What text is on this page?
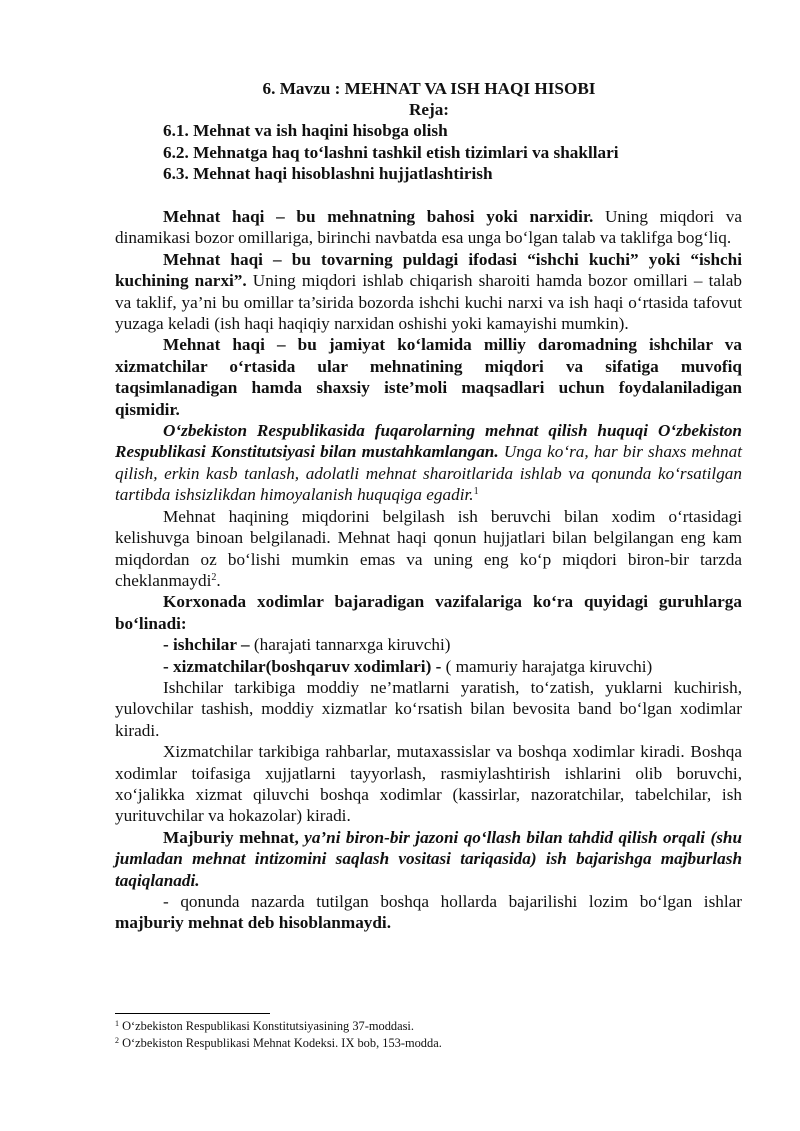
6. Mavzu : MEHNAT VA ISH HAQI HISOBI
Reja:
6.1. Mehnat va ish haqini hisobga olish
6.2. Mehnatga haq to‘lashni tashkil etish tizimlari va shakllari
6.3. Mehnat haqi hisoblashni hujjatlashtirish

Mehnat haqi – bu mehnatning bahosi yoki narxidir. Uning miqdori va dinamikasi bozor omillariga, birinchi navbatda esa unga bo‘lgan talab va taklifga bog‘liq.

Mehnat haqi – bu tovarning puldagi ifodasi “ishchi kuchi” yoki “ishchi kuchining narxi”. Uning miqdori ishlab chiqarish sharoiti hamda bozor omillari – talab va taklif, ya’ni bu omillar ta’sirida bozorda ishchi kuchi narxi va ish haqi o‘rtasida tafovut yuzaga keladi (ish haqi haqiqiy narxidan oshishi yoki kamayishi mumkin).

Mehnat haqi – bu jamiyat ko‘lamida milliy daromadning ishchilar va xizmatchilar o‘rtasida ular mehnatining miqdori va sifatiga muvofiq taqsimlanadigan hamda shaxsiy iste’moli maqsadlari uchun foydalaniladigan qismidir.

O‘zbekiston Respublikasida fuqarolarning mehnat qilish huquqi O‘zbekiston Respublikasi Konstitutsiyasi bilan mustahkamlangan. Unga ko‘ra, har bir shaxs mehnat qilish, erkin kasb tanlash, adolatli mehnat sharoitlarida ishlab va qonunda ko‘rsatilgan tartibda ishsizlikdan himoyalanish huquqiga egadir.$^1$

Mehnat haqining miqdorini belgilash ish beruvchi bilan xodim o‘rtasidagi kelishuvga binoan belgilanadi. Mehnat haqi qonun hujjatlari bilan belgilangan eng kam miqdordan oz bo‘lishi mumkin emas va uning eng ko‘p miqdori biron-bir tarzda cheklanmaydi$^2$.

Korxonada xodimlar bajaradigan vazifalariga ko‘ra quyidagi guruhlarga bo‘linadi:

- ishchilar – (harajati tannarxga kiruvchi)

- xizmatchilar(boshqaruv xodimlari) - ( mamuriy harajatga kiruvchi)

Ishchilar tarkibiga moddiy ne’matlarni yaratish, to‘zatish, yuklarni kuchirish, yulovchilar tashish, moddiy xizmatlar ko‘rsatish bilan bevosita band bo‘lgan xodimlar kiradi.

Xizmatchilar tarkibiga rahbarlar, mutaxassislar va boshqa xodimlar kiradi. Boshqa xodimlar toifasiga xujjatlarni tayyorlash, rasmiylashtirish ishlarini olib boruvchi, xo‘jalikka xizmat qiluvchi boshqa xodimlar (kassirlar, nazoratchilar, tabelchilar, ish yurituvchilar va hokazolar) kiradi.

Majburiy mehnat, ya’ni biron-bir jazoni qo‘llash bilan tahdid qilish orqali (shu jumladan mehnat intizomini saqlash vositasi tariqasida) ish bajarishga majburlash taqiqlanadi.

- qonunda nazarda tutilgan boshqa hollarda bajarilishi lozim bo‘lgan ishlar majburiy mehnat deb hisoblanmaydi.

$^1$ O‘zbekiston Respublikasi Konstitutsiyasining 37-moddasi.
$^2$ O‘zbekiston Respublikasi Mehnat Kodeksi. IX bob, 153-modda.
